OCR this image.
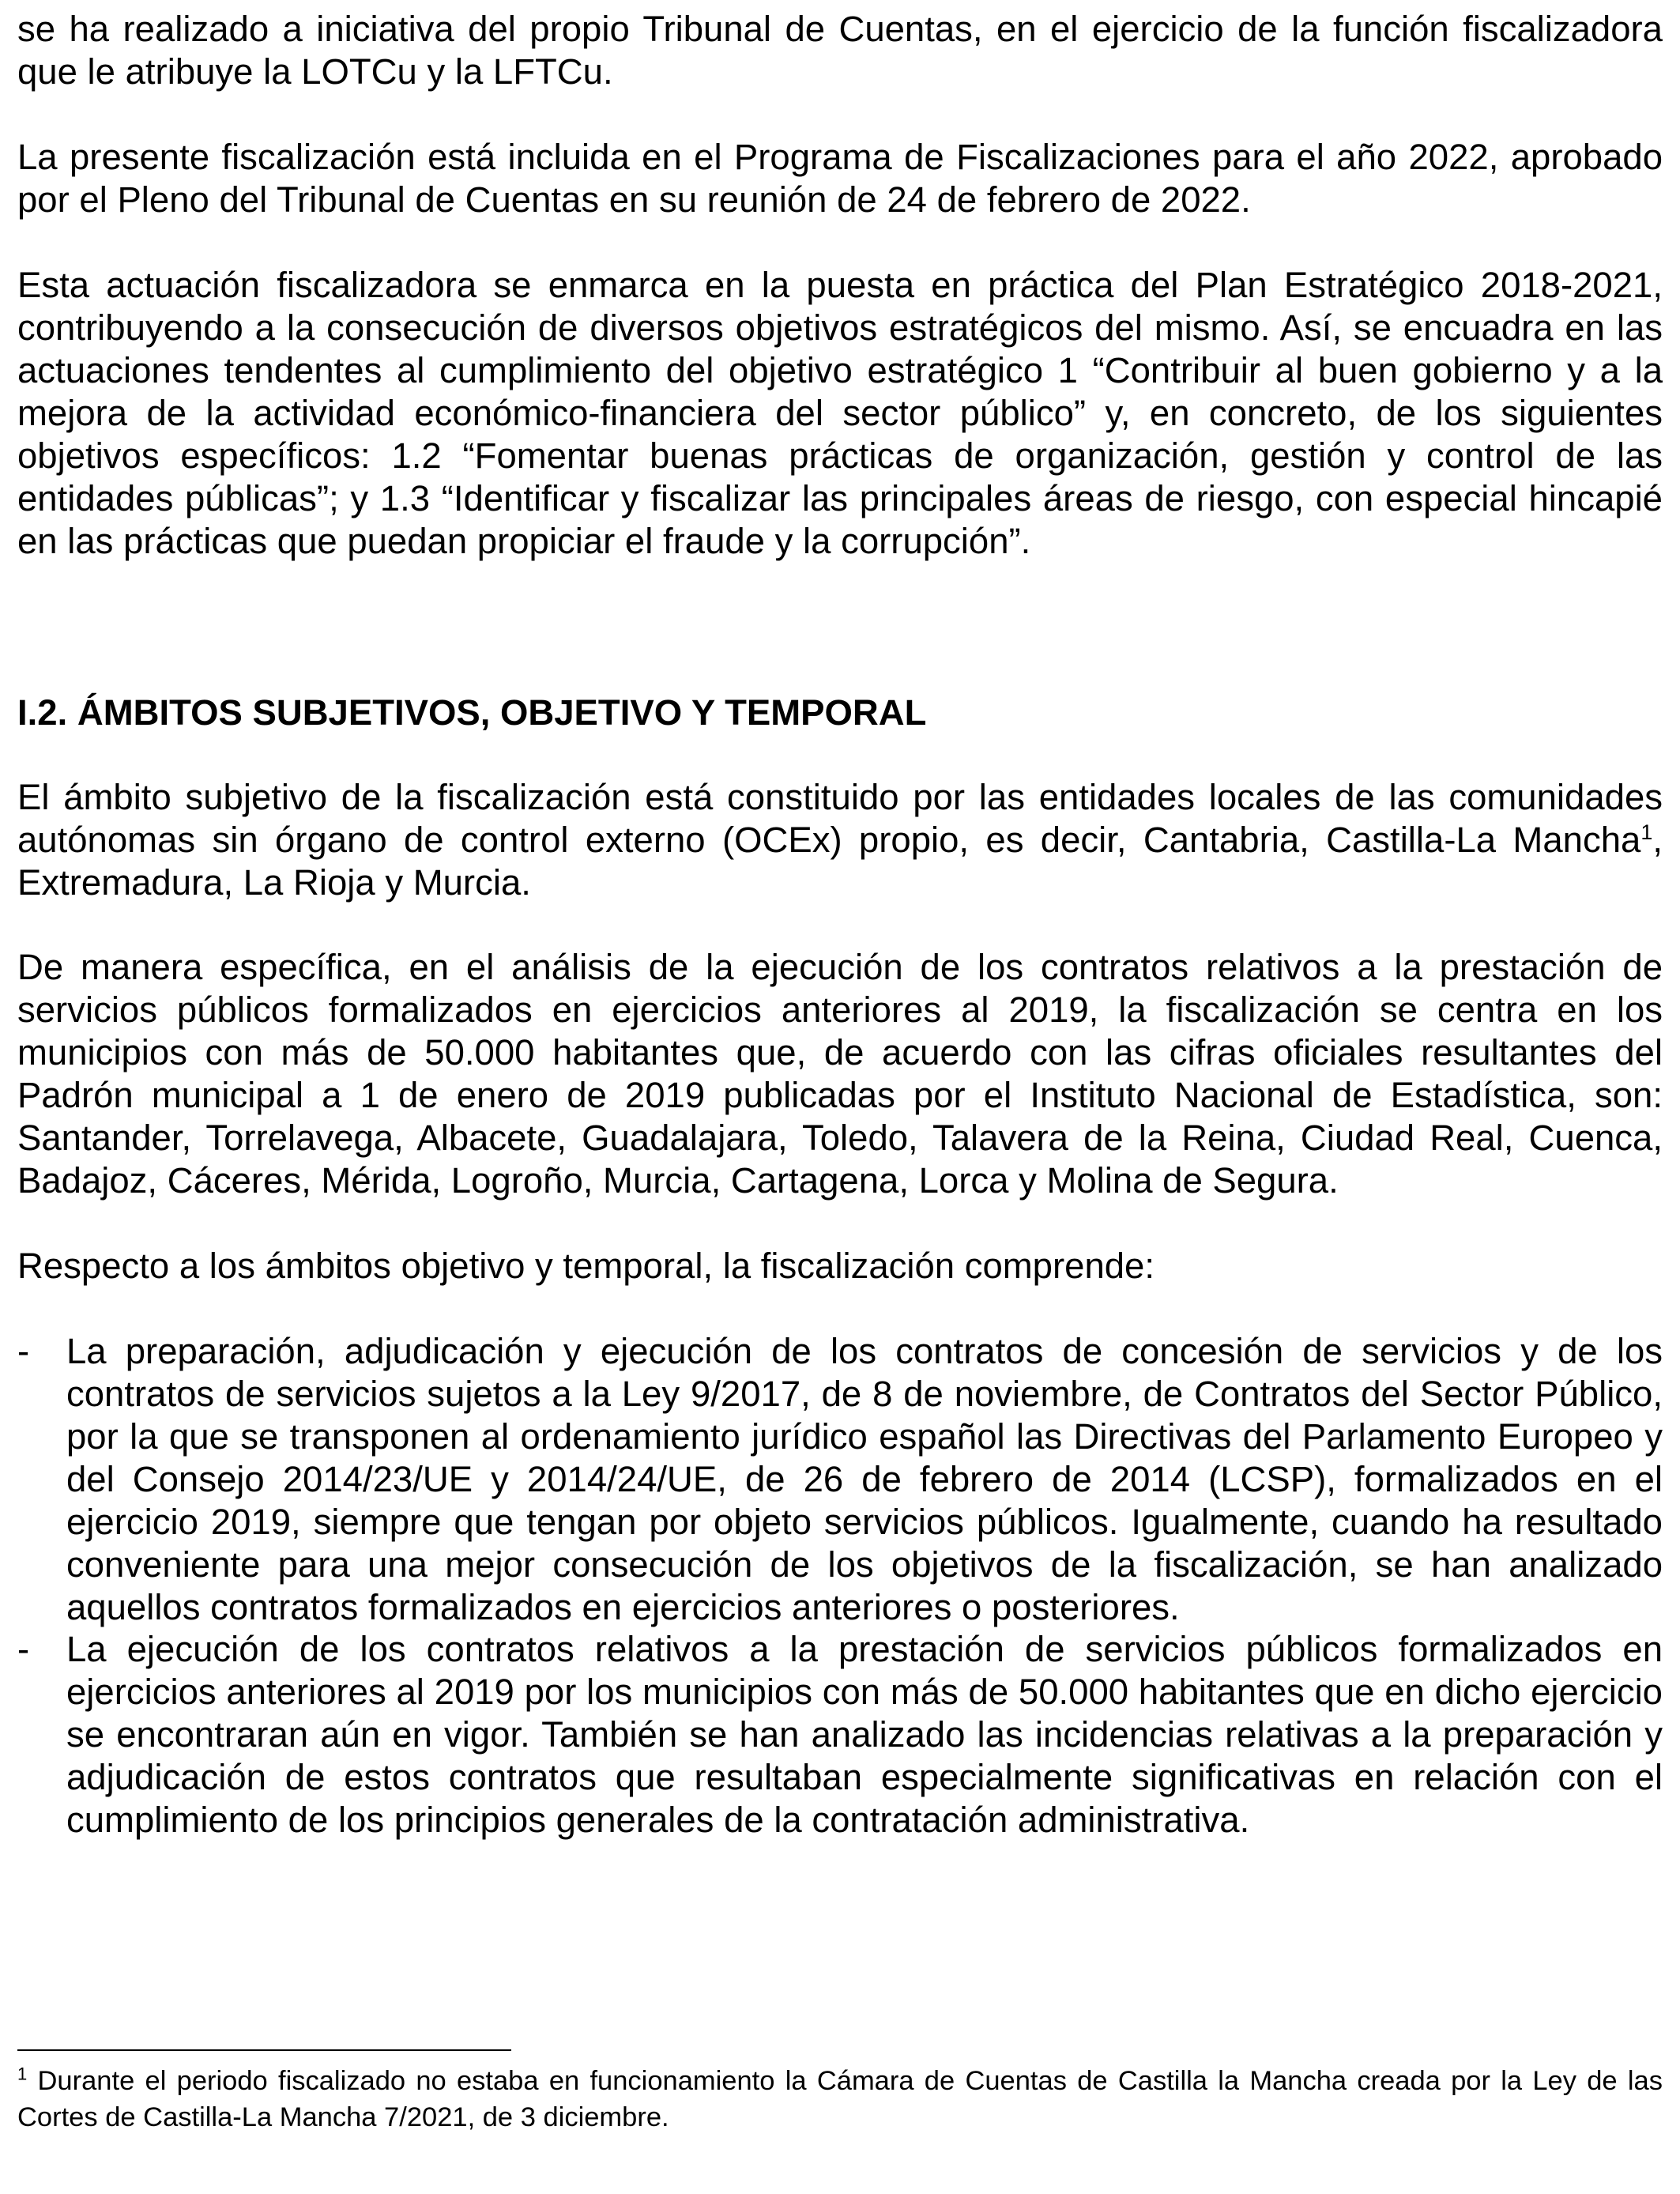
se ha realizado a iniciativa del propio Tribunal de Cuentas, en el ejercicio de la función fiscalizadora que le atribuye la LOTCu y la LFTCu.

La presente fiscalización está incluida en el Programa de Fiscalizaciones para el año 2022, aprobado por el Pleno del Tribunal de Cuentas en su reunión de 24 de febrero de 2022.

Esta actuación fiscalizadora se enmarca en la puesta en práctica del Plan Estratégico 2018-2021, contribuyendo a la consecución de diversos objetivos estratégicos del mismo. Así, se encuadra en las actuaciones tendentes al cumplimiento del objetivo estratégico 1 “Contribuir al buen gobierno y a la mejora de la actividad económico-financiera del sector público” y, en concreto, de los siguientes objetivos específicos: 1.2 “Fomentar buenas prácticas de organización, gestión y control de las entidades públicas”; y 1.3 “Identificar y fiscalizar las principales áreas de riesgo, con especial hincapié en las prácticas que puedan propiciar el fraude y la corrupción”.

I.2. ÁMBITOS SUBJETIVOS, OBJETIVO Y TEMPORAL

El ámbito subjetivo de la fiscalización está constituido por las entidades locales de las comunidades autónomas sin órgano de control externo (OCEx) propio, es decir, Cantabria, Castilla-La Mancha$^1$, Extremadura, La Rioja y Murcia.

De manera específica, en el análisis de la ejecución de los contratos relativos a la prestación de servicios públicos formalizados en ejercicios anteriores al 2019, la fiscalización se centra en los municipios con más de 50.000 habitantes que, de acuerdo con las cifras oficiales resultantes del Padrón municipal a 1 de enero de 2019 publicadas por el Instituto Nacional de Estadística, son: Santander, Torrelavega, Albacete, Guadalajara, Toledo, Talavera de la Reina, Ciudad Real, Cuenca, Badajoz, Cáceres, Mérida, Logroño, Murcia, Cartagena, Lorca y Molina de Segura.

Respecto a los ámbitos objetivo y temporal, la fiscalización comprende:

- La preparación, adjudicación y ejecución de los contratos de concesión de servicios y de los contratos de servicios sujetos a la Ley 9/2017, de 8 de noviembre, de Contratos del Sector Público, por la que se transponen al ordenamiento jurídico español las Directivas del Parlamento Europeo y del Consejo 2014/23/UE y 2014/24/UE, de 26 de febrero de 2014 (LCSP), formalizados en el ejercicio 2019, siempre que tengan por objeto servicios públicos. Igualmente, cuando ha resultado conveniente para una mejor consecución de los objetivos de la fiscalización, se han analizado aquellos contratos formalizados en ejercicios anteriores o posteriores.

- La ejecución de los contratos relativos a la prestación de servicios públicos formalizados en ejercicios anteriores al 2019 por los municipios con más de 50.000 habitantes que en dicho ejercicio se encontraran aún en vigor. También se han analizado las incidencias relativas a la preparación y adjudicación de estos contratos que resultaban especialmente significativas en relación con el cumplimiento de los principios generales de la contratación administrativa.

$^1$ Durante el periodo fiscalizado no estaba en funcionamiento la Cámara de Cuentas de Castilla la Mancha creada por la Ley de las Cortes de Castilla-La Mancha 7/2021, de 3 diciembre.
